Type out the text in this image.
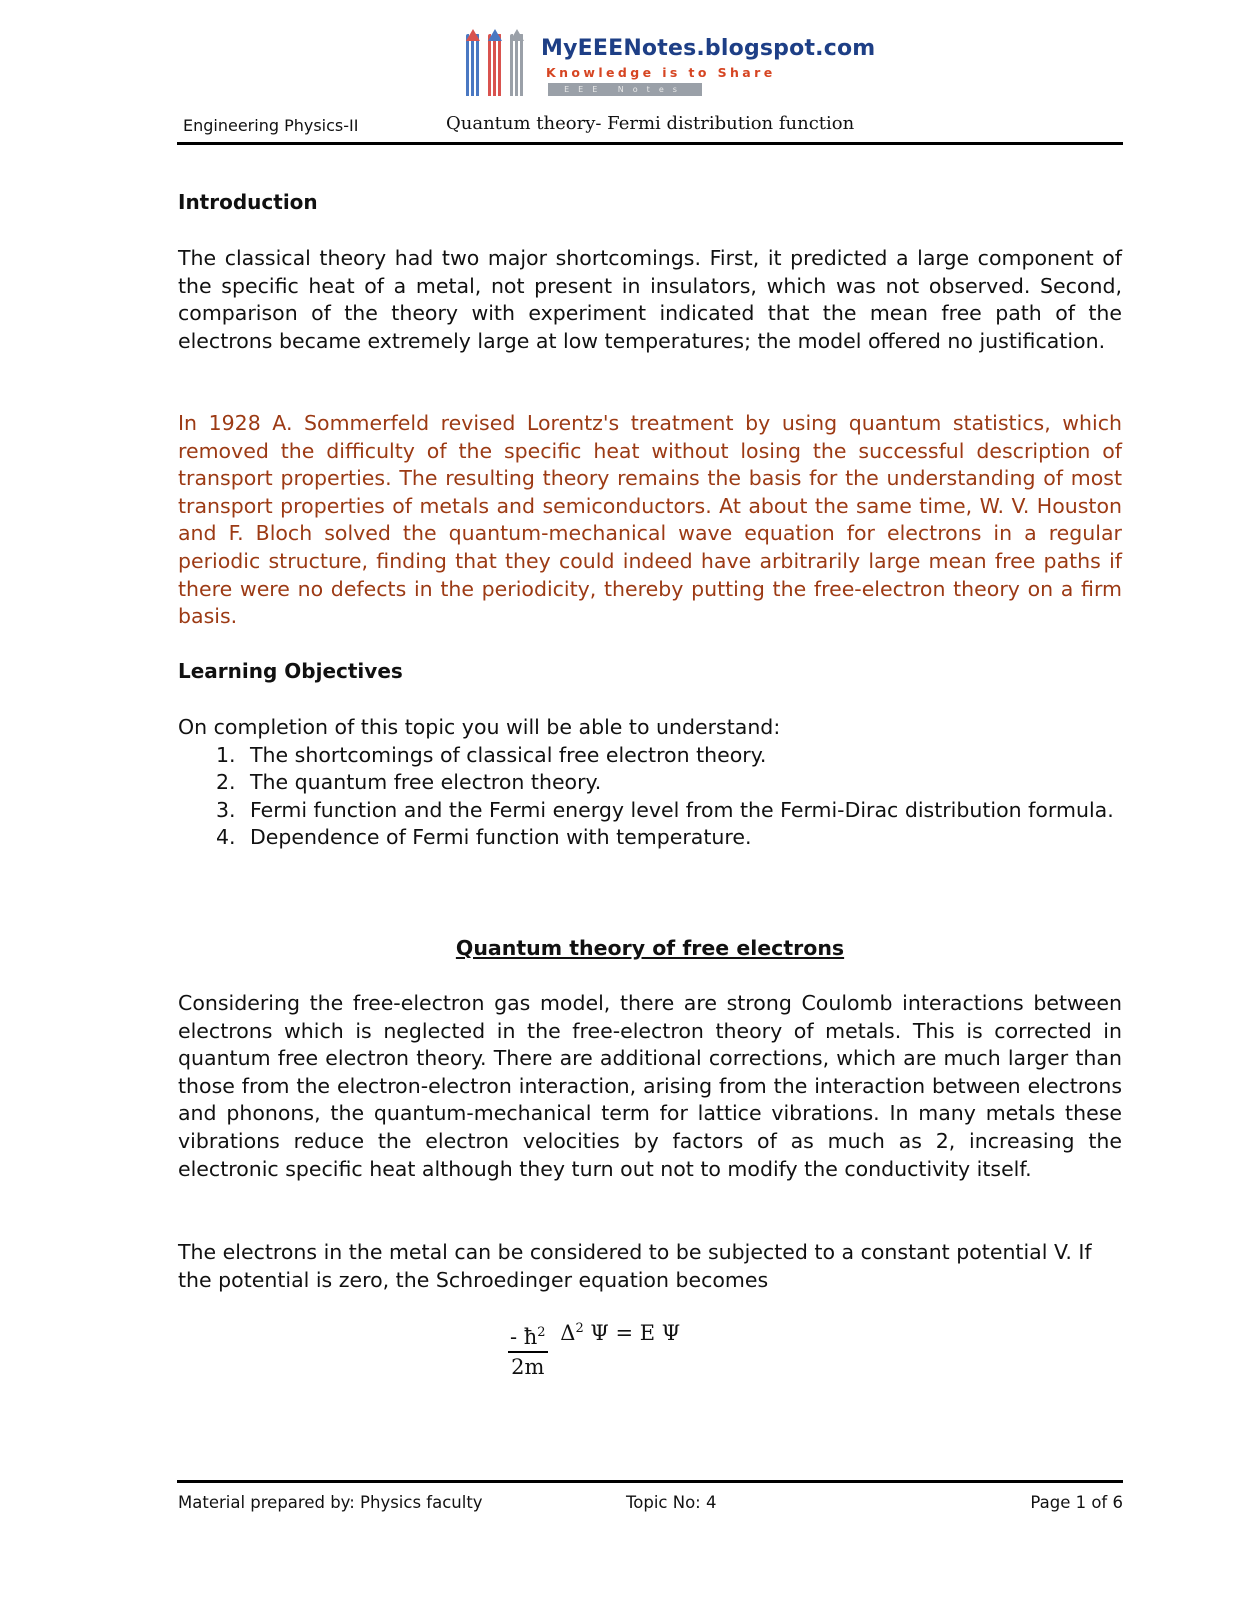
MyEEENotes.blogspot.com
Knowledge is to Share
EEE Notes
Engineering Physics-II	Quantum theory- Fermi distribution function
Introduction
The classical theory had two major shortcomings. First, it predicted a large component of the specific heat of a metal, not present in insulators, which was not observed. Second, comparison of the theory with experiment indicated that the mean free path of the electrons became extremely large at low temperatures; the model offered no justification.
In 1928 A. Sommerfeld revised Lorentz's treatment by using quantum statistics, which removed the difficulty of the specific heat without losing the successful description of transport properties. The resulting theory remains the basis for the understanding of most transport properties of metals and semiconductors. At about the same time, W. V. Houston and F. Bloch solved the quantum-mechanical wave equation for electrons in a regular periodic structure, finding that they could indeed have arbitrarily large mean free paths if there were no defects in the periodicity, thereby putting the free-electron theory on a firm basis.
Learning Objectives
On completion of this topic you will be able to understand:
1. The shortcomings of classical free electron theory.
2. The quantum free electron theory.
3. Fermi function and the Fermi energy level from the Fermi-Dirac distribution formula.
4. Dependence of Fermi function with temperature.
Quantum theory of free electrons
Considering the free-electron gas model, there are strong Coulomb interactions between electrons which is neglected in the free-electron theory of metals. This is corrected in quantum free electron theory. There are additional corrections, which are much larger than those from the electron-electron interaction, arising from the interaction between electrons and phonons, the quantum-mechanical term for lattice vibrations. In many metals these vibrations reduce the electron velocities by factors of as much as 2, increasing the electronic specific heat although they turn out not to modify the conductivity itself.
The electrons in the metal can be considered to be subjected to a constant potential V. If the potential is zero, the Schroedinger equation becomes
$\frac{- ħ^2}{2m} \Delta^2$ Ψ = E Ψ
Material prepared by: Physics faculty	Topic No: 4	Page 1 of 6
